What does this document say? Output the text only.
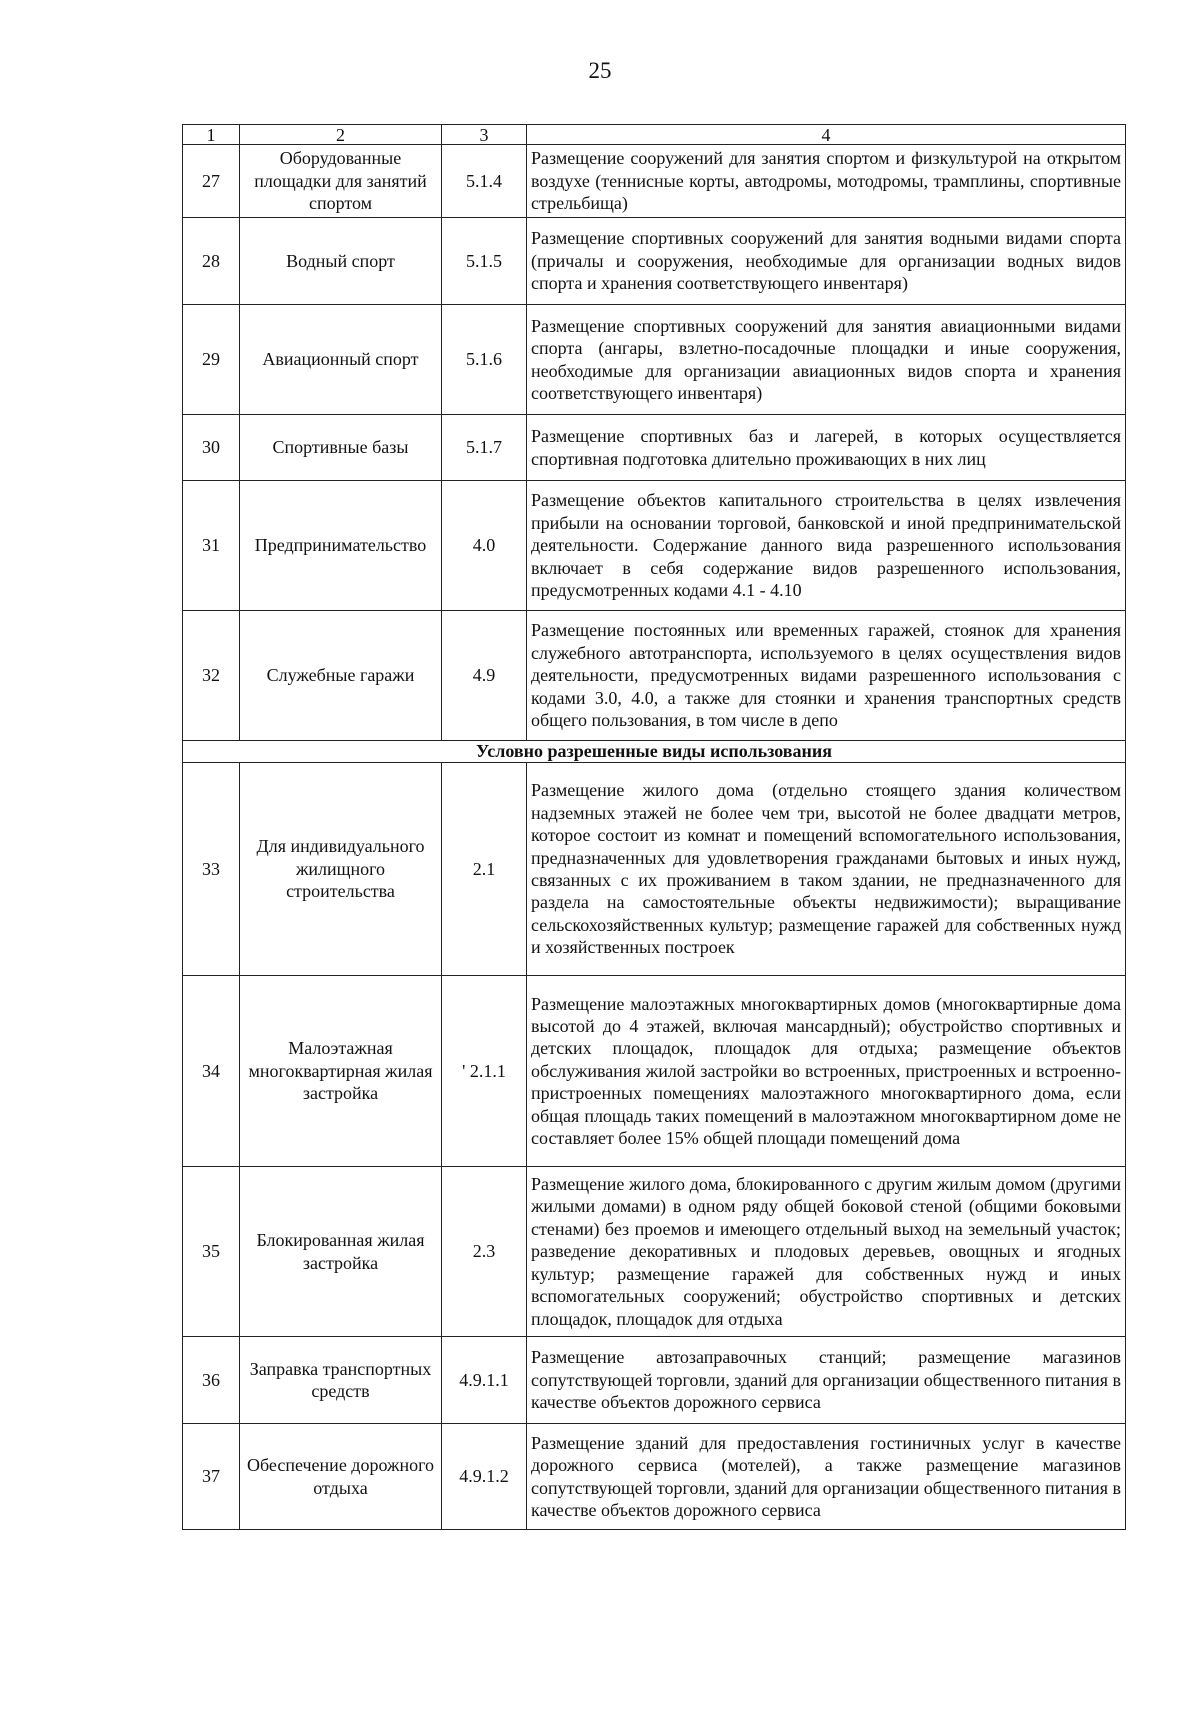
25
1	2	3	4
27	Оборудованные площадки для занятий спортом	5.1.4	Размещение сооружений для занятия спортом и физкультурой на открытом воздухе (теннисные корты, автодромы, мотодромы, трамплины, спортивные стрельбища)
28	Водный спорт	5.1.5	Размещение спортивных сооружений для занятия водными видами спорта (причалы и сооружения, необходимые для организации водных видов спорта и хранения соответствующего инвентаря)
29	Авиационный спорт	5.1.6	Размещение спортивных сооружений для занятия авиационными видами спорта (ангары, взлетно-посадочные площадки и иные сооружения, необходимые для организации авиационных видов спорта и хранения соответствующего инвентаря)
30	Спортивные базы	5.1.7	Размещение спортивных баз и лагерей, в которых осуществляется спортивная подготовка длительно проживающих в них лиц
31	Предпринимательство	4.0	Размещение объектов капитального строительства в целях извлечения прибыли на основании торговой, банковской и иной предпринимательской деятельности. Содержание данного вида разрешенного использования включает в себя содержание видов разрешенного использования, предусмотренных кодами 4.1 - 4.10
32	Служебные гаражи	4.9	Размещение постоянных или временных гаражей, стоянок для хранения служебного автотранспорта, используемого в целях осуществления видов деятельности, предусмотренных видами разрешенного использования с кодами 3.0, 4.0, а также для стоянки и хранения транспортных средств общего пользования, в том числе в депо
Условно разрешенные виды использования			
33	Для индивидуального жилищного строительства	2.1	Размещение жилого дома (отдельно стоящего здания количеством надземных этажей не более чем три, высотой не более двадцати метров, которое состоит из комнат и помещений вспомогательного использования, предназначенных для удовлетворения гражданами бытовых и иных нужд, связанных с их проживанием в таком здании, не предназначенного для раздела на самостоятельные объекты недвижимости); выращивание сельскохозяйственных культур; размещение гаражей для собственных нужд и хозяйственных построек
34	Малоэтажная многоквартирная жилая застройка	' 2.1.1	Размещение малоэтажных многоквартирных домов (многоквартирные дома высотой до 4 этажей, включая мансардный); обустройство спортивных и детских площадок, площадок для отдыха; размещение объектов обслуживания жилой застройки во встроенных, пристроенных и встроенно-пристроенных помещениях малоэтажного многоквартирного дома, если общая площадь таких помещений в малоэтажном многоквартирном доме не составляет более 15% общей площади помещений дома
35	Блокированная жилая застройка	2.3	Размещение жилого дома, блокированного с другим жилым домом (другими жилыми домами) в одном ряду общей боковой стеной (общими боковыми стенами) без проемов и имеющего отдельный выход на земельный участок; разведение декоративных и плодовых деревьев, овощных и ягодных культур; размещение гаражей для собственных нужд и иных вспомогательных сооружений; обустройство спортивных и детских площадок, площадок для отдыха
36	Заправка транспортных средств	4.9.1.1	Размещение автозаправочных станций; размещение магазинов сопутствующей торговли, зданий для организации общественного питания в качестве объектов дорожного сервиса
37	Обеспечение дорожного отдыха	4.9.1.2	Размещение зданий для предоставления гостиничных услуг в качестве дорожного сервиса (мотелей), а также размещение магазинов сопутствующей торговли, зданий для организации общественного питания в качестве объектов дорожного сервиса
